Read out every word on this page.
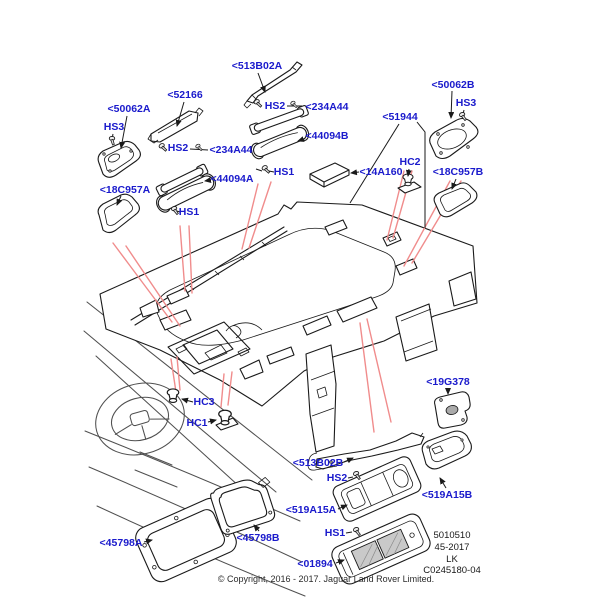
<513B02A
<52166
<50062A
HS3
HS2 <234A44
HS2 <234A44
<44094B
<44094A
HS1
<51944
<50062B
HS3
<14A160
HC2
<18C957B
<18C957A
HS1
HC3
HC1
<19G378
<513B02B
HS2
<519A15A
<519A15B
HS1
<01894
<45798A	<45798B	5010510
45-2017
LK
C0245180-04
© Copyright, 2016 - 2017. Jaguar Land Rover Limited.
